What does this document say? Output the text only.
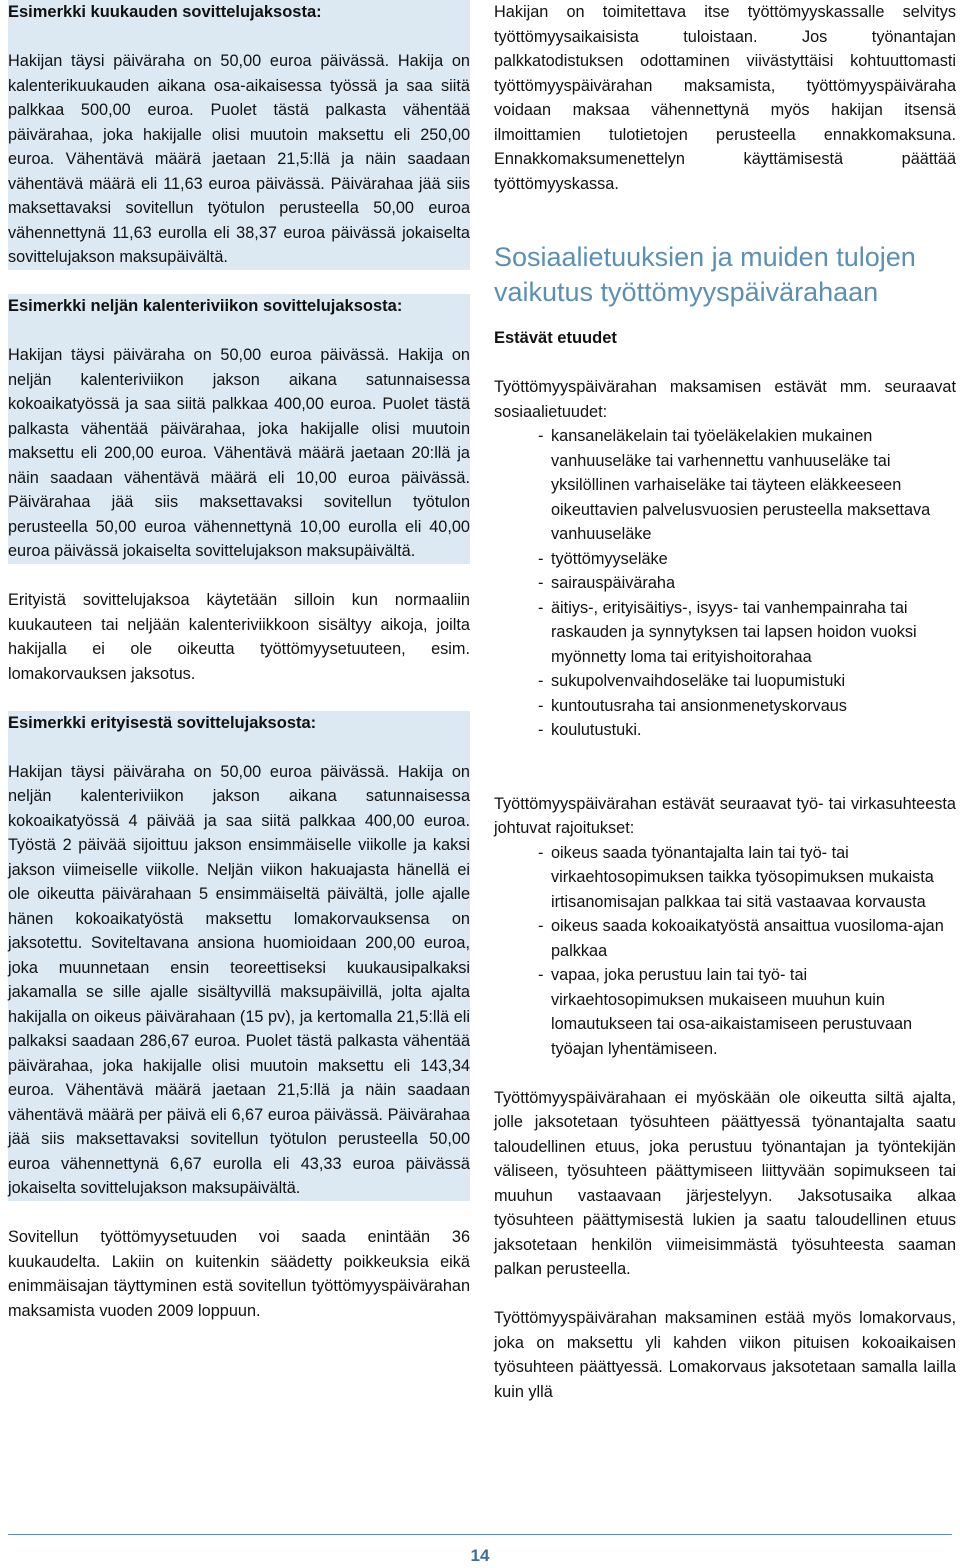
Esimerkki kuukauden sovittelujaksosta:

Hakijan täysi päiväraha on 50,00 euroa päivässä. Hakija on kalenterikuukauden aikana osa-aikaisessa työssä ja saa siitä palkkaa 500,00 euroa. Puolet tästä palkasta vähentää päivärahaa, joka hakijalle olisi muutoin maksettu eli 250,00 euroa. Vähentävä määrä jaetaan 21,5:llä ja näin saadaan vähentävä määrä eli 11,63 euroa päivässä. Päivärahaa jää siis maksettavaksi sovitellun työtulon perusteella 50,00 euroa vähennettynä 11,63 eurolla eli 38,37 euroa päivässä jokaiselta sovittelujakson maksupäivältä.

Esimerkki neljän kalenteriviikon sovittelujaksosta:

Hakijan täysi päiväraha on 50,00 euroa päivässä. Hakija on neljän kalenteriviikon jakson aikana satunnaisessa kokoaikatyössä ja saa siitä palkkaa 400,00 euroa. Puolet tästä palkasta vähentää päivärahaa, joka hakijalle olisi muutoin maksettu eli 200,00 euroa. Vähentävä määrä jaetaan 20:llä ja näin saadaan vähentävä määrä eli 10,00 euroa päivässä. Päivärahaa jää siis maksettavaksi sovitellun työtulon perusteella 50,00 euroa vähennettynä 10,00 eurolla eli 40,00 euroa päivässä jokaiselta sovittelujakson maksupäivältä.

Erityistä sovittelujaksoa käytetään silloin kun normaaliin kuukauteen tai neljään kalenteriviikkoon sisältyy aikoja, joilta hakijalla ei ole oikeutta työttömyysetuuteen, esim. lomakorvauksen jaksotus.

Esimerkki erityisestä sovittelujaksosta:

Hakijan täysi päiväraha on 50,00 euroa päivässä. Hakija on neljän kalenteriviikon jakson aikana satunnaisessa kokoaikatyössä 4 päivää ja saa siitä palkkaa 400,00 euroa. Työstä 2 päivää sijoittuu jakson ensimmäiselle viikolle ja kaksi jakson viimeiselle viikolle. Neljän viikon hakuajasta hänellä ei ole oikeutta päivärahaan 5 ensimmäiseltä päivältä, jolle ajalle hänen kokoaikatyöstä maksettu lomakorvauksensa on jaksotettu. Soviteltavana ansiona huomioidaan 200,00 euroa, joka muunnetaan ensin teoreettiseksi kuukausipalkaksi jakamalla se sille ajalle sisältyvillä maksupäivillä, jolta ajalta hakijalla on oikeus päivärahaan (15 pv), ja kertomalla 21,5:llä eli palkaksi saadaan 286,67 euroa. Puolet tästä palkasta vähentää päivärahaa, joka hakijalle olisi muutoin maksettu eli 143,34 euroa. Vähentävä määrä jaetaan 21,5:llä ja näin saadaan vähentävä määrä per päivä eli 6,67 euroa päivässä. Päivärahaa jää siis maksettavaksi sovitellun työtulon perusteella 50,00 euroa vähennettynä 6,67 eurolla eli 43,33 euroa päivässä jokaiselta sovittelujakson maksupäivältä.

Sovitellun työttömyysetuuden voi saada enintään 36 kuukaudelta. Lakiin on kuitenkin säädetty poikkeuksia eikä enimmäisajan täyttyminen estä sovitellun työttömyyspäivärahan maksamista vuoden 2009 loppuun.

Hakijan on toimitettava itse työttömyyskassalle selvitys työttömyysaikaisista tuloistaan. Jos työnantajan palkkatodistuksen odottaminen viivästyttäisi kohtuuttomasti työttömyyspäivärahan maksamista, työttömyyspäiväraha voidaan maksaa vähennettynä myös hakijan itsensä ilmoittamien tulotietojen perusteella ennakkomaksuna. Ennakkomaksumenettelyn käyttämisestä päättää työttömyyskassa.

Sosiaalietuuksien ja muiden tulojen vaikutus työttömyyspäivärahaan
Estävät etuudet

Työttömyyspäivärahan maksamisen estävät mm. seuraavat sosiaalietuudet:

- kansaneläkelain tai työeläkelakien mukainen vanhuuseläke tai varhennettu vanhuuseläke tai yksilöllinen varhaiseläke tai täyteen eläkkeeseen oikeuttavien palvelusvuosien perusteella maksettava vanhuuseläke
- työttömyyseläke
- sairauspäiväraha
- äitiys-, erityisäitiys-, isyys- tai vanhempainraha tai raskauden ja synnytyksen tai lapsen hoidon vuoksi myönnetty loma tai erityishoitorahaa
- sukupolvenvaihdoseläke tai luopumistuki
- kuntoutusraha tai ansionmenetyskorvaus
- koulutustuki.

Työttömyyspäivärahan estävät seuraavat työ- tai virkasuhteesta johtuvat rajoitukset:

- oikeus saada työnantajalta lain tai työ- tai virkaehtosopimuksen taikka työsopimuksen mukaista irtisanomisajan palkkaa tai sitä vastaavaa korvausta
- oikeus saada kokoaikatyöstä ansaittua vuosiloma-ajan palkkaa
- vapaa, joka perustuu lain tai työ- tai virkaehtosopimuksen mukaiseen muuhun kuin lomautukseen tai osa-aikaistamiseen perustuvaan työajan lyhentämiseen.

Työttömyyspäivärahaan ei myöskään ole oikeutta siltä ajalta, jolle jaksotetaan työsuhteen päättyessä työnantajalta saatu taloudellinen etuus, joka perustuu työnantajan ja työntekijän väliseen, työsuhteen päättymiseen liittyvään sopimukseen tai muuhun vastaavaan järjestelyyn. Jaksotusaika alkaa työsuhteen päättymisestä lukien ja saatu taloudellinen etuus jaksotetaan henkilön viimeisimmästä työsuhteesta saaman palkan perusteella.

Työttömyyspäivärahan maksaminen estää myös lomakorvaus, joka on maksettu yli kahden viikon pituisen kokoaikaisen työsuhteen päättyessä. Lomakorvaus jaksotetaan samalla lailla kuin yllä

14
